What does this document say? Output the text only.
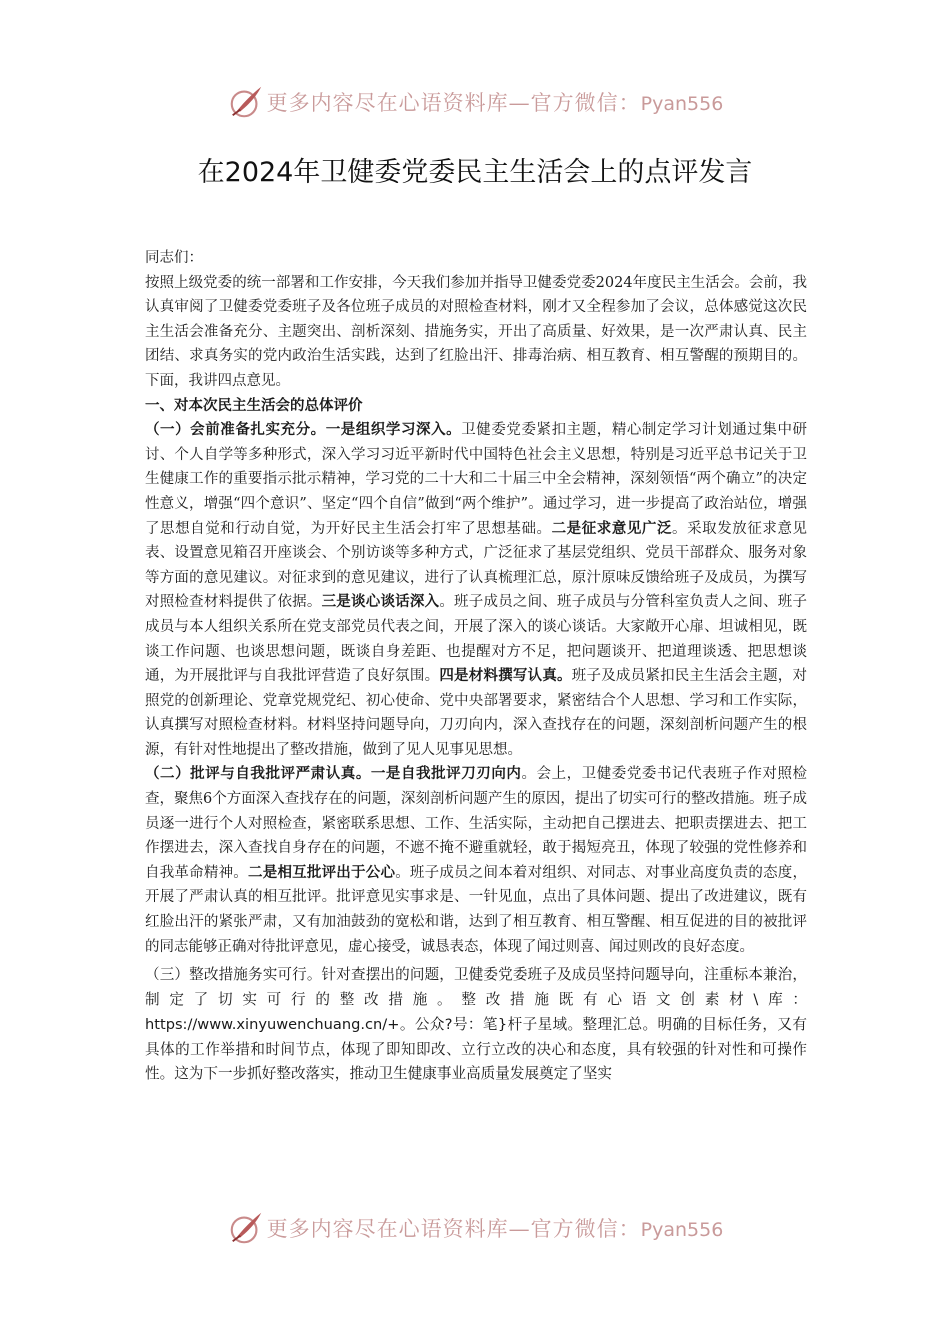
更多内容尽在心语资料库—官方微信：Pyan556
在2024年卫健委党委民主生活会上的点评发言

同志们：

按照上级党委的统一部署和工作安排，今天我们参加并指导卫健委党委2024年度民主生活会。会前，我认真审阅了卫健委党委班子及各位班子成员的对照检查材料，刚才又全程参加了会议，总体感觉这次民主生活会准备充分、主题突出、剖析深刻、措施务实，开出了高质量、好效果，是一次严肃认真、民主团结、求真务实的党内政治生活实践，达到了红脸出汗、排毒治病、相互教育、相互警醒的预期目的。下面，我讲四点意见。

一、对本次民主生活会的总体评价

（一）会前准备扎实充分。一是组织学习深入。卫健委党委紧扣主题，精心制定学习计划通过集中研讨、个人自学等多种形式，深入学习习近平新时代中国特色社会主义思想，特别是习近平总书记关于卫生健康工作的重要指示批示精神，学习党的二十大和二十届三中全会精神，深刻领悟“两个确立”的决定性意义，增强“四个意识”、坚定“四个自信”做到“两个维护”。通过学习，进一步提高了政治站位，增强了思想自觉和行动自觉，为开好民主生活会打牢了思想基础。二是征求意见广泛。采取发放征求意见表、设置意见箱召开座谈会、个别访谈等多种方式，广泛征求了基层党组织、党员干部群众、服务对象等方面的意见建议。对征求到的意见建议，进行了认真梳理汇总，原汁原味反馈给班子及成员，为撰写对照检查材料提供了依据。三是谈心谈话深入。班子成员之间、班子成员与分管科室负责人之间、班子成员与本人组织关系所在党支部党员代表之间，开展了深入的谈心谈话。大家敞开心扉、坦诚相见，既谈工作问题、也谈思想问题，既谈自身差距、也提醒对方不足，把问题谈开、把道理谈透、把思想谈通，为开展批评与自我批评营造了良好氛围。四是材料撰写认真。班子及成员紧扣民主生活会主题，对照党的创新理论、党章党规党纪、初心使命、党中央部署要求，紧密结合个人思想、学习和工作实际，认真撰写对照检查材料。材料坚持问题导向，刀刃向内，深入查找存在的问题，深刻剖析问题产生的根源，有针对性地提出了整改措施，做到了见人见事见思想。

（二）批评与自我批评严肃认真。一是自我批评刀刃向内。会上，卫健委党委书记代表班子作对照检查，聚焦6个方面深入查找存在的问题，深刻剖析问题产生的原因，提出了切实可行的整改措施。班子成员逐一进行个人对照检查，紧密联系思想、工作、生活实际，主动把自己摆进去、把职责摆进去、把工作摆进去，深入查找自身存在的问题，不遮不掩不避重就轻，敢于揭短亮丑，体现了较强的党性修养和自我革命精神。二是相互批评出于公心。班子成员之间本着对组织、对同志、对事业高度负责的态度，开展了严肃认真的相互批评。批评意见实事求是、一针见血，点出了具体问题、提出了改进建议，既有红脸出汗的紧张严肃，又有加油鼓劲的宽松和谐，达到了相互教育、相互警醒、相互促进的目的被批评的同志能够正确对待批评意见，虚心接受，诚恳表态，体现了闻过则喜、闻过则改的良好态度。

（三）整改措施务实可行。针对查摆出的问题，卫健委党委班子及成员坚持问题导向，注重标本兼治，制定了切实可行的整改措施。整改措施既有心语文创素材\库：https://www.xinyuwenchuang.cn/+。公众?号：笔}杆子星域。整理汇总。明确的目标任务，又有具体的工作举措和时间节点，体现了即知即改、立行立改的决心和态度，具有较强的针对性和可操作性。这为下一步抓好整改落实，推动卫生健康事业高质量发展奠定了坚实

更多内容尽在心语资料库—官方微信：Pyan556
